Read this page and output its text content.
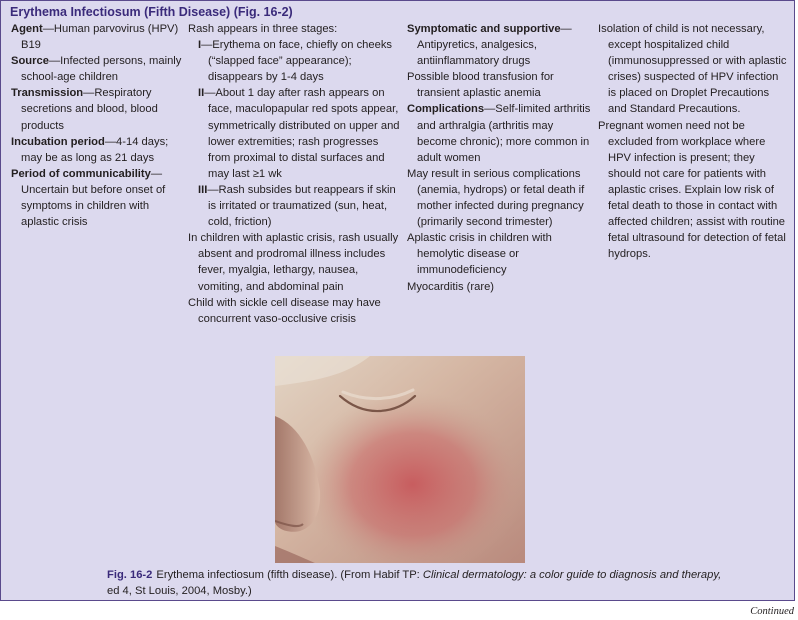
Erythema Infectiosum (Fifth Disease) (Fig. 16-2)
Agent—Human parvovirus (HPV) B19
Source—Infected persons, mainly school-age children
Transmission—Respiratory secretions and blood, blood products
Incubation period—4-14 days; may be as long as 21 days
Period of communicability—Uncertain but before onset of symptoms in children with aplastic crisis
Rash appears in three stages:
I—Erythema on face, chiefly on cheeks (“slapped face” appearance); disappears by 1-4 days
II—About 1 day after rash appears on face, maculopapular red spots appear, symmetrically distributed on upper and lower extremities; rash progresses from proximal to distal surfaces and may last ≥1 wk
III—Rash subsides but reappears if skin is irritated or traumatized (sun, heat, cold, friction)
In children with aplastic crisis, rash usually absent and prodromal illness includes fever, myalgia, lethargy, nausea, vomiting, and abdominal pain
Child with sickle cell disease may have concurrent vaso-occlusive crisis
Symptomatic and supportive—Antipyretics, analgesics, antiinflammatory drugs
Possible blood transfusion for transient aplastic anemia
Complications—Self-limited arthritis and arthralgia (arthritis may become chronic); more common in adult women
May result in serious complications (anemia, hydrops) or fetal death if mother infected during pregnancy (primarily second trimester)
Aplastic crisis in children with hemolytic disease or immunodeficiency
Myocarditis (rare)
Isolation of child is not necessary, except hospitalized child (immunosuppressed or with aplastic crises) suspected of HPV infection is placed on Droplet Precautions and Standard Precautions.
Pregnant women need not be excluded from workplace where HPV infection is present; they should not care for patients with aplastic crises. Explain low risk of fetal death to those in contact with affected children; assist with routine fetal ultrasound for detection of fetal hydrops.
Fig. 16-2 Erythema infectiosum (fifth disease). (From Habif TP: Clinical dermatology: a color guide to diagnosis and therapy, ed 4, St Louis, 2004, Mosby.)
Continued
